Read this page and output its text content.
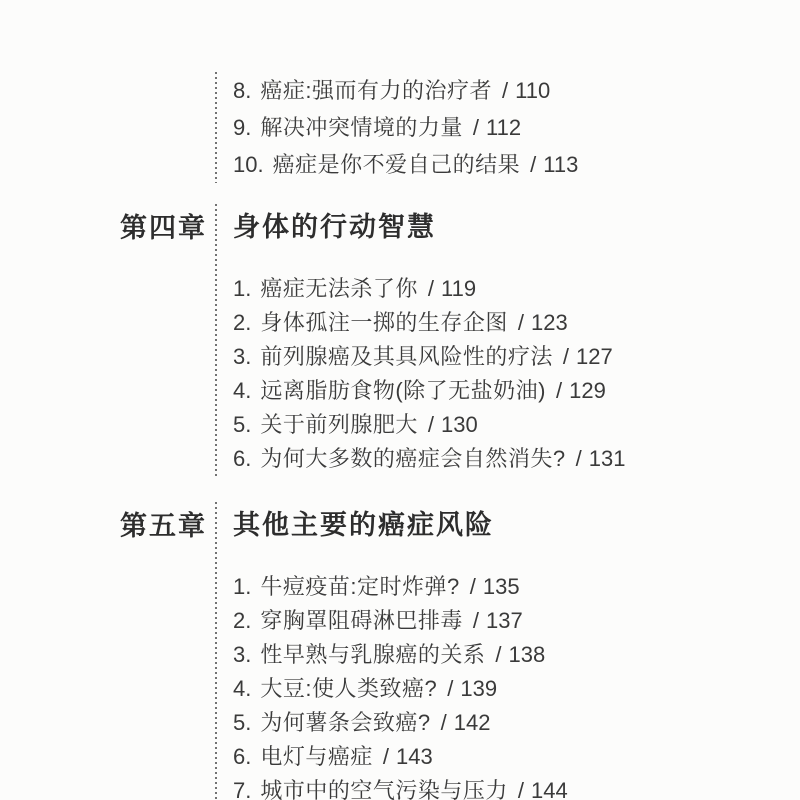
8. 癌症:强而有力的治疗者 / 110
9. 解决冲突情境的力量 / 112
10. 癌症是你不爱自己的结果 / 113
第四章 身体的行动智慧
1. 癌症无法杀了你 / 119
2. 身体孤注一掷的生存企图 / 123
3. 前列腺癌及其具风险性的疗法 / 127
4. 远离脂肪食物(除了无盐奶油) / 129
5. 关于前列腺肥大 / 130
6. 为何大多数的癌症会自然消失? / 131
第五章 其他主要的癌症风险
1. 牛痘疫苗:定时炸弹? / 135
2. 穿胸罩阻碍淋巴排毒 / 137
3. 性早熟与乳腺癌的关系 / 138
4. 大豆:使人类致癌? / 139
5. 为何薯条会致癌? / 142
6. 电灯与癌症 / 143
7. 城市中的空气污染与压力 / 144
